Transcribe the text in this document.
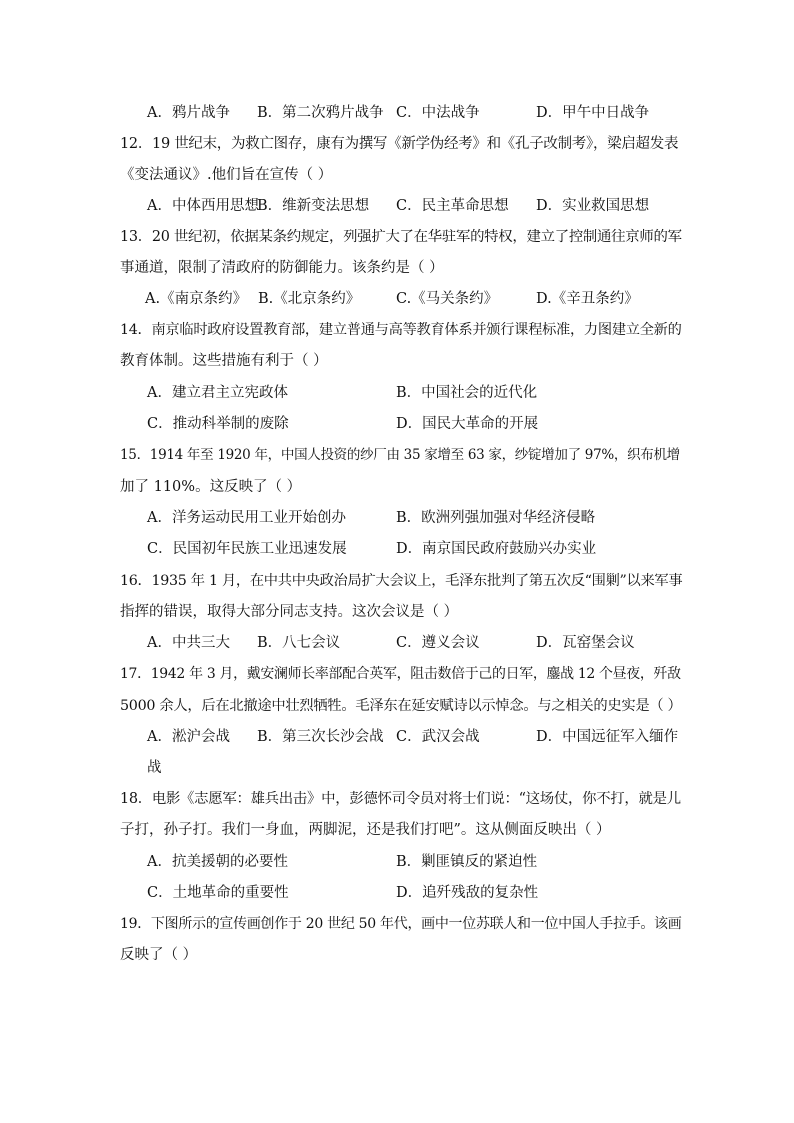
A．鸦片战争 B．第二次鸦片战争 C．中法战争	D．甲午中日战争
12．19 世纪末，为救亡图存，康有为撰写《新学伪经考》和《孔子改制考》，梁启超发表
《变法通议》.他们旨在宣传（ ）
A．中体西用思想
B．维新变法思想 C．民主革命思想 D．实业救国思想
13．20 世纪初，依据某条约规定，列强扩大了在华驻军的特权，建立了控制通往京师的军
事通道，限制了清政府的防御能力。该条约是（ ）
A.《南京条约》 B.《北京条约》 C.《马关条约》	D.《辛丑条约》
14．南京临时政府设置教育部，建立普通与高等教育体系并颁行课程标准，力图建立全新的
教育体制。这些措施有利于（ ）
A．建立君主立宪政体	B．中国社会的近代化
C．推动科举制的废除	D．国民大革命的开展
15．1914 年至 1920 年，中国人投资的纱厂由 35 家增至 63 家，纱锭增加了 97%，织布机增
加了 110%。这反映了（ ）
A．洋务运动民用工业开始创办	B．欧洲列强加强对华经济侵略
C．民国初年民族工业迅速发展	D．南京国民政府鼓励兴办实业
16．1935 年 1 月，在中共中央政治局扩大会议上，毛泽东批判了第五次反“围剿”以来军事
指挥的错误，取得大部分同志支持。这次会议是（ ）
A．中共三大 B．八七会议	C．遵义会议	D．瓦窑堡会议
17．1942 年 3 月，戴安澜师长率部配合英军，阻击数倍于己的日军，鏖战 12 个昼夜，歼敌
5000 余人，后在北撤途中壮烈牺牲。毛泽东在延安赋诗以示悼念。与之相关的史实是（ ）
A．淞沪会战 B．第三次长沙会战 C．武汉会战	D．中国远征军入缅作
战
18．电影《志愿军：雄兵出击》中，彭德怀司令员对将士们说：“这场仗，你不打，就是儿
子打，孙子打。我们一身血，两脚泥，还是我们打吧”。这从侧面反映出（ ）
A．抗美援朝的必要性	B．剿匪镇反的紧迫性
C．土地革命的重要性	D．追歼残敌的复杂性
19．下图所示的宣传画创作于 20 世纪 50 年代，画中一位苏联人和一位中国人手拉手。该画
反映了（ ）
